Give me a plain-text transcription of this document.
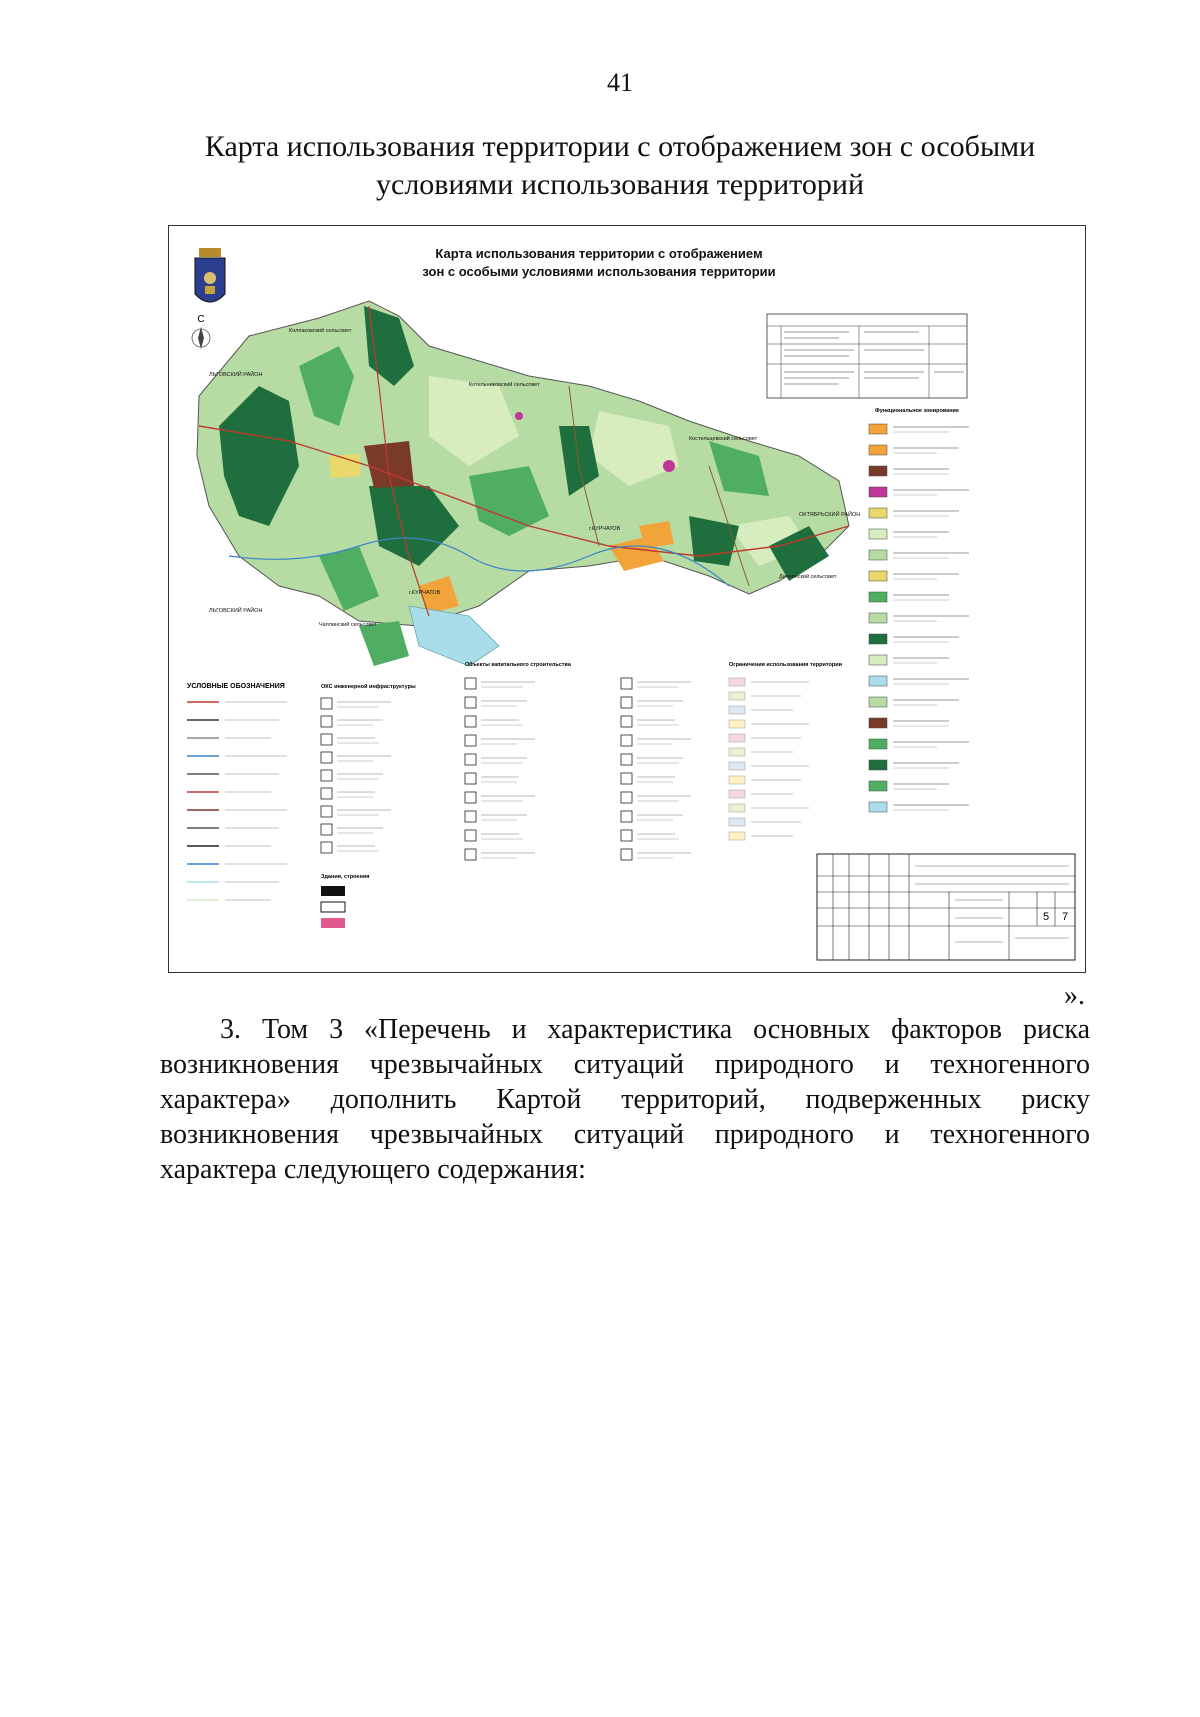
41
Карта использования территории с отображением зон с особыми
условиями использования территорий
Карта использования территории с отображением
зон с особыми условиями использования территории
С
Колпаковский сельсовет
ЛЬГОВСКИЙ РАЙОН
Котельниковский сельсовет
Костельцевский сельсовет
г.КУРЧАТОВ
ОКТЯБРЬСКИЙ РАЙОН
Дичнянский сельсовет
г.КУРЧАТОВ
ЛЬГОВСКИЙ РАЙОН
Чаплинский сельсовет
Функциональное зонирование
УСЛОВНЫЕ ОБОЗНАЧЕНИЯ	ОКС инженерной инфраструктуры
Объекты капитального строительства	Ограничения использования территории
Здания, строения
5 7
».
3. Том 3 «Перечень и характеристика основных факторов риска возникновения чрезвычайных ситуаций природного и техногенного характера» дополнить Картой территорий, подверженных риску возникновения чрезвычайных ситуаций природного и техногенного характера следующего содержания:
